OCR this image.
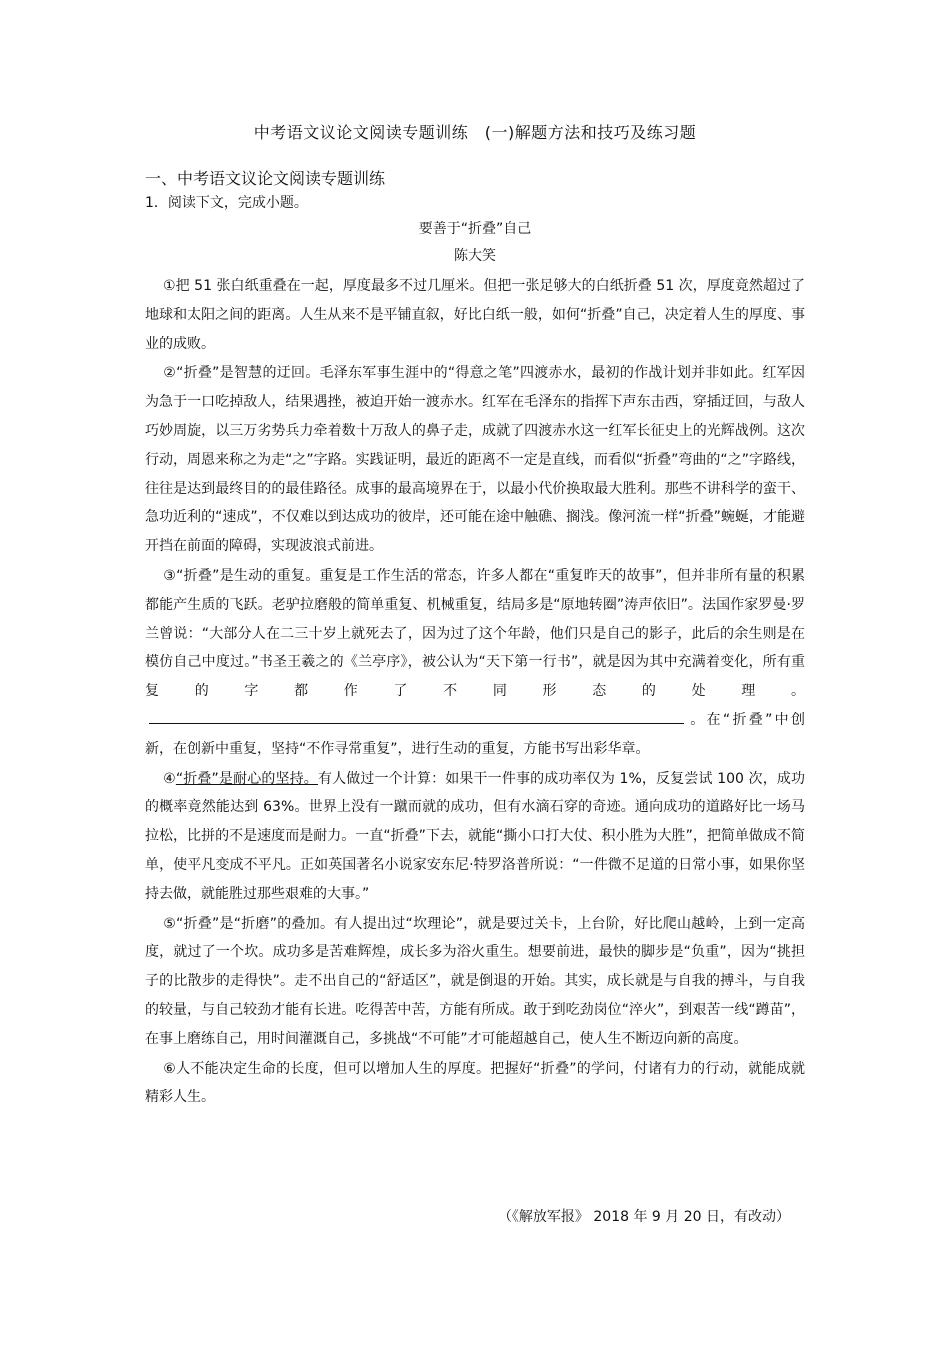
中考语文议论文阅读专题训练　(一)解题方法和技巧及练习题
一、中考语文议论文阅读专题训练
1．阅读下文，完成小题。
要善于“折叠”自己
陈大笑

①把 51 张白纸重叠在一起，厚度最多不过几厘米。但把一张足够大的白纸折叠 51 次，厚度竟然超过了地球和太阳之间的距离。人生从来不是平铺直叙，好比白纸一般，如何“折叠”自己，决定着人生的厚度、事业的成败。

②“折叠”是智慧的迂回。毛泽东军事生涯中的“得意之笔”四渡赤水，最初的作战计划并非如此。红军因为急于一口吃掉敌人，结果遇挫，被迫开始一渡赤水。红军在毛泽东的指挥下声东击西，穿插迂回，与敌人巧妙周旋，以三万劣势兵力牵着数十万敌人的鼻子走，成就了四渡赤水这一红军长征史上的光辉战例。这次行动，周恩来称之为走“之”字路。实践证明，最近的距离不一定是直线，而看似“折叠”弯曲的“之”字路线，往往是达到最终目的的最佳路径。成事的最高境界在于，以最小代价换取最大胜利。那些不讲科学的蛮干、急功近利的“速成”，不仅难以到达成功的彼岸，还可能在途中触礁、搁浅。像河流一样“折叠”蜿蜒，才能避开挡在前面的障碍，实现波浪式前进。

③“折叠”是生动的重复。重复是工作生活的常态，许多人都在“重复昨天的故事”，但并非所有量的积累都能产生质的飞跃。老驴拉磨般的简单重复、机械重复，结局多是“原地转圈”涛声依旧”。法国作家罗曼·罗兰曾说：“大部分人在二三十岁上就死去了，因为过了这个年龄，他们只是自己的影子，此后的余生则是在模仿自己中度过。”书圣王羲之的《兰亭序》，被公认为“天下第一行书”，就是因为其中充满着变化，所有重复的字都作了不同形态的处理。。在“折叠”中创新，在创新中重复，坚持“不作寻常重复”，进行生动的重复，方能书写出彩华章。

④“折叠”是耐心的坚持。有人做过一个计算：如果干一件事的成功率仅为 1%，反复尝试 100 次，成功的概率竟然能达到 63%。世界上没有一蹴而就的成功，但有水滴石穿的奇迹。通向成功的道路好比一场马拉松，比拼的不是速度而是耐力。一直“折叠”下去，就能“撕小口打大仗、积小胜为大胜”，把简单做成不简单，使平凡变成不平凡。正如英国著名小说家安东尼·特罗洛普所说：“一件微不足道的日常小事，如果你坚持去做，就能胜过那些艰难的大事。”

⑤“折叠”是“折磨”的叠加。有人提出过“坎理论”，就是要过关卡，上台阶，好比爬山越岭，上到一定高度，就过了一个坎。成功多是苦难辉煌，成长多为浴火重生。想要前进，最快的脚步是“负重”，因为“挑担子的比散步的走得快”。走不出自己的“舒适区”，就是倒退的开始。其实，成长就是与自我的搏斗，与自我的较量，与自己较劲才能有长进。吃得苦中苦，方能有所成。敢于到吃劲岗位“淬火”，到艰苦一线“蹲苗”，在事上磨练自己，用时间灌溉自己，多挑战“不可能”才可能超越自己，使人生不断迈向新的高度。

⑥人不能决定生命的长度，但可以增加人生的厚度。把握好“折叠”的学问，付诸有力的行动，就能成就精彩人生。

（《解放军报》 2018 年 9 月 20 日，有改动）
